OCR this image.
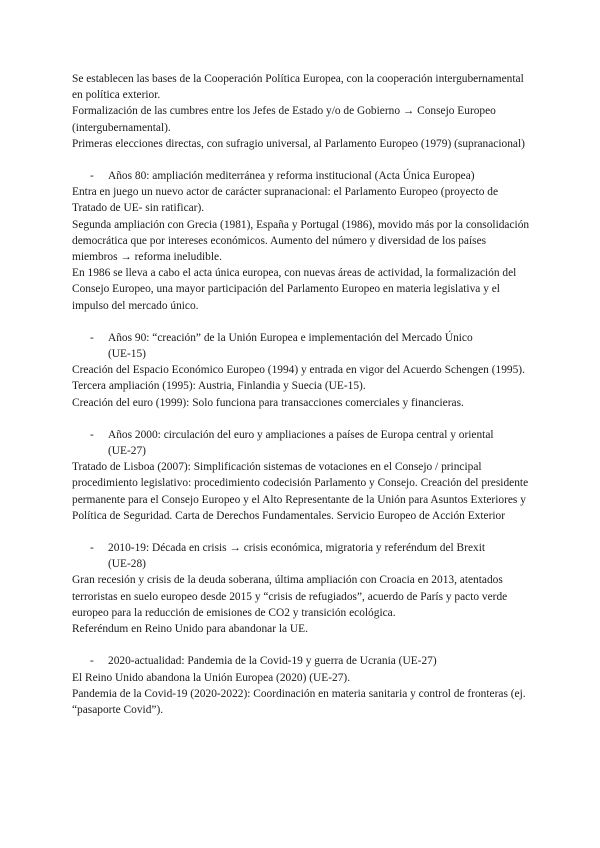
Se establecen las bases de la Cooperación Política Europea, con la cooperación intergubernamental en política exterior.

Formalización de las cumbres entre los Jefes de Estado y/o de Gobierno → Consejo Europeo (intergubernamental).

Primeras elecciones directas, con sufragio universal, al Parlamento Europeo (1979) (supranacional)

- Años 80: ampliación mediterránea y reforma institucional (Acta Única Europea)

Entra en juego un nuevo actor de carácter supranacional: el Parlamento Europeo (proyecto de Tratado de UE- sin ratificar).

Segunda ampliación con Grecia (1981), España y Portugal (1986), movido más por la consolidación democrática que por intereses económicos. Aumento del número y diversidad de los países miembros → reforma ineludible.

En 1986 se lleva a cabo el acta única europea, con nuevas áreas de actividad, la formalización del Consejo Europeo, una mayor participación del Parlamento Europeo en materia legislativa y el impulso del mercado único.

- Años 90: “creación” de la Unión Europea e implementación del Mercado Único
(UE-15)

Creación del Espacio Económico Europeo (1994) y entrada en vigor del Acuerdo Schengen (1995).

Tercera ampliación (1995): Austria, Finlandia y Suecia (UE-15).

Creación del euro (1999): Solo funciona para transacciones comerciales y financieras.

- Años 2000: circulación del euro y ampliaciones a países de Europa central y oriental
(UE-27)

Tratado de Lisboa (2007): Simplificación sistemas de votaciones en el Consejo / principal procedimiento legislativo: procedimiento codecisión Parlamento y Consejo. Creación del presidente permanente para el Consejo Europeo y el Alto Representante de la Unión para Asuntos Exteriores y Política de Seguridad. Carta de Derechos Fundamentales. Servicio Europeo de Acción Exterior

- 2010-19: Década en crisis → crisis económica, migratoria y referéndum del Brexit
(UE-28)

Gran recesión y crisis de la deuda soberana, última ampliación con Croacia en 2013, atentados terroristas en suelo europeo desde 2015 y “crisis de refugiados”, acuerdo de París y pacto verde europeo para la reducción de emisiones de CO2 y transición ecológica.

Referéndum en Reino Unido para abandonar la UE.

- 2020-actualidad: Pandemia de la Covid-19 y guerra de Ucrania (UE-27)

El Reino Unido abandona la Unión Europea (2020) (UE-27).

Pandemia de la Covid-19 (2020-2022): Coordinación en materia sanitaria y control de fronteras (ej. “pasaporte Covid”).
